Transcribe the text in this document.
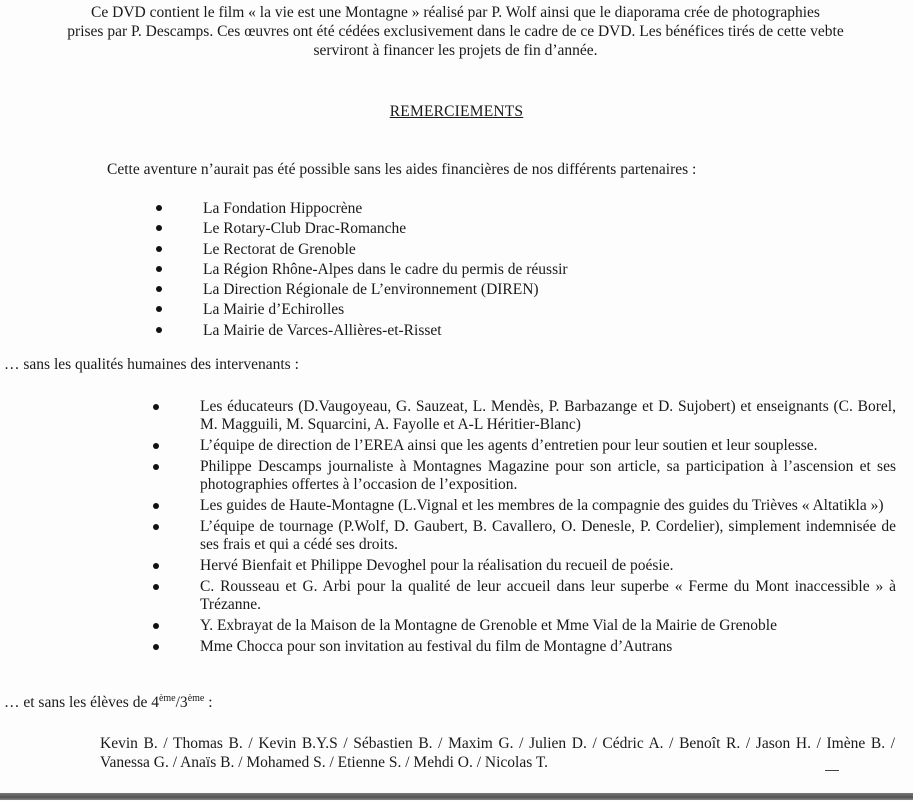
Ce DVD contient le film « la vie est une Montagne » réalisé par P. Wolf ainsi que le diaporama crée de photographies

prises par P. Descamps. Ces œuvres ont été cédées exclusivement dans le cadre de ce DVD. Les bénéfices tirés de cette vebte

serviront à financer les projets de fin d’année.

REMERCIEMENTS
Cette aventure n’aurait pas été possible sans les aides financières de nos différents partenaires :
La Fondation Hippocrène
Le Rotary-Club Drac-Romanche
Le Rectorat de Grenoble
La Région Rhône-Alpes dans le cadre du permis de réussir
La Direction Régionale de L’environnement (DIREN)
La Mairie d’Echirolles
La Mairie de Varces-Allières-et-Risset
… sans les qualités humaines des intervenants :
Les éducateurs (D.Vaugoyeau, G. Sauzeat, L. Mendès, P. Barbazange et D. Sujobert) et enseignants (C. Borel, M. Magguili, M. Squarcini, A. Fayolle et A-L Héritier-Blanc)
L’équipe de direction de l’EREA ainsi que les agents d’entretien pour leur soutien et leur souplesse.
Philippe Descamps journaliste à Montagnes Magazine pour son article, sa participation à l’ascension et ses photographies offertes à l’occasion de l’exposition.
Les guides de Haute-Montagne (L.Vignal et les membres de la compagnie des guides du Trièves « Altatikla »)
L’équipe de tournage (P.Wolf, D. Gaubert, B. Cavallero, O. Denesle, P. Cordelier), simplement indemnisée de ses frais et qui a cédé ses droits.
Hervé Bienfait et Philippe Devoghel pour la réalisation du recueil de poésie.
C. Rousseau et G. Arbi pour la qualité de leur accueil dans leur superbe « Ferme du Mont inaccessible » à Trézanne.
Y. Exbrayat de la Maison de la Montagne de Grenoble et Mme Vial de la Mairie de Grenoble
Mme Chocca pour son invitation au festival du film de Montagne d’Autrans
… et sans les élèves de 4ème/3ème :
Kevin B. / Thomas B. / Kevin B.Y.S / Sébastien B. / Maxim G. / Julien D. / Cédric A. / Benoît R. / Jason H. / Imène B. / Vanessa G. / Anaïs B. / Mohamed S. / Etienne S. / Mehdi O. / Nicolas T.
